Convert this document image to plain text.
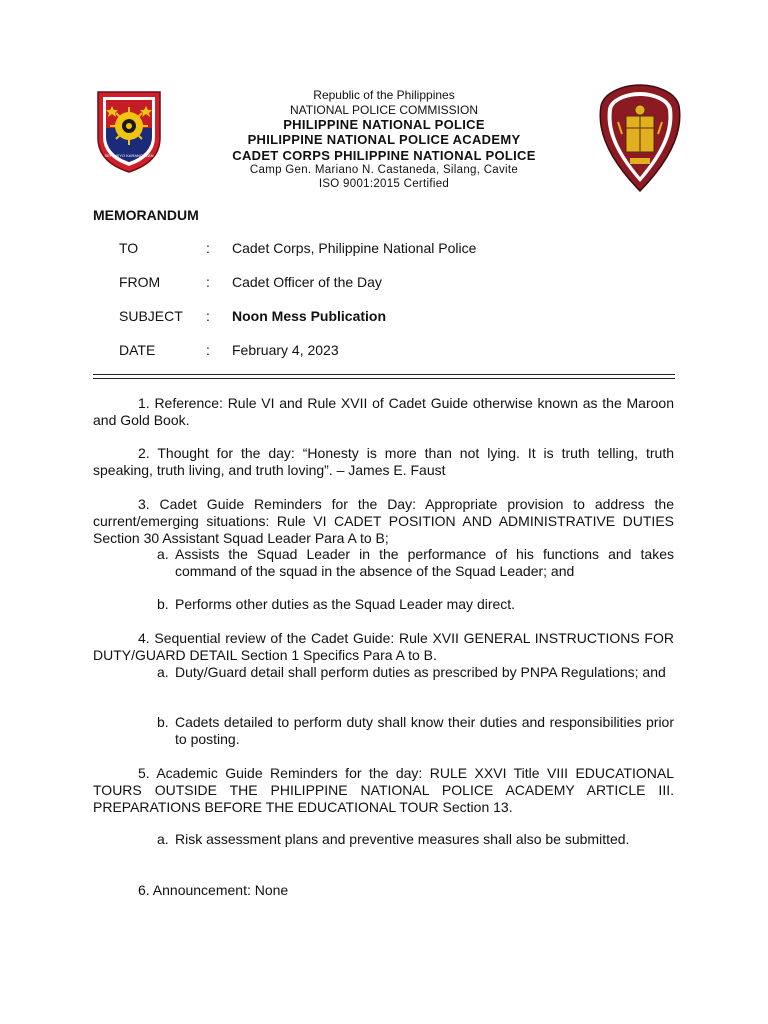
SERBISYO KARANGALAN
Republic of the Philippines
NATIONAL POLICE COMMISSION
PHILIPPINE NATIONAL POLICE
PHILIPPINE NATIONAL POLICE ACADEMY
CADET CORPS PHILIPPINE NATIONAL POLICE
Camp Gen. Mariano N. Castaneda, Silang, Cavite
ISO 9001:2015 Certified
MEMORANDUM
TO	: Cadet Corps, Philippine National Police
FROM	: Cadet Officer of the Day
SUBJECT : Noon Mess Publication
DATE	: February 4, 2023
1. Reference: Rule VI and Rule XVII of Cadet Guide otherwise known as the Maroon and Gold Book.
2. Thought for the day: “Honesty is more than not lying. It is truth telling, truth speaking, truth living, and truth loving”. – James E. Faust
3. Cadet Guide Reminders for the Day: Appropriate provision to address the current/emerging situations: Rule VI CADET POSITION AND ADMINISTRATIVE DUTIES Section 30 Assistant Squad Leader Para A to B;
a. Assists the Squad Leader in the performance of his functions and takes command of the squad in the absence of the Squad Leader; and
b. Performs other duties as the Squad Leader may direct.
4. Sequential review of the Cadet Guide: Rule XVII GENERAL INSTRUCTIONS FOR DUTY/GUARD DETAIL Section 1 Specifics Para A to B.
a. Duty/Guard detail shall perform duties as prescribed by PNPA Regulations; and
b. Cadets detailed to perform duty shall know their duties and responsibilities prior to posting.
5. Academic Guide Reminders for the day: RULE XXVI Title VIII EDUCATIONAL TOURS OUTSIDE THE PHILIPPINE NATIONAL POLICE ACADEMY ARTICLE III. PREPARATIONS BEFORE THE EDUCATIONAL TOUR Section 13.
a. Risk assessment plans and preventive measures shall also be submitted.
6. Announcement: None
